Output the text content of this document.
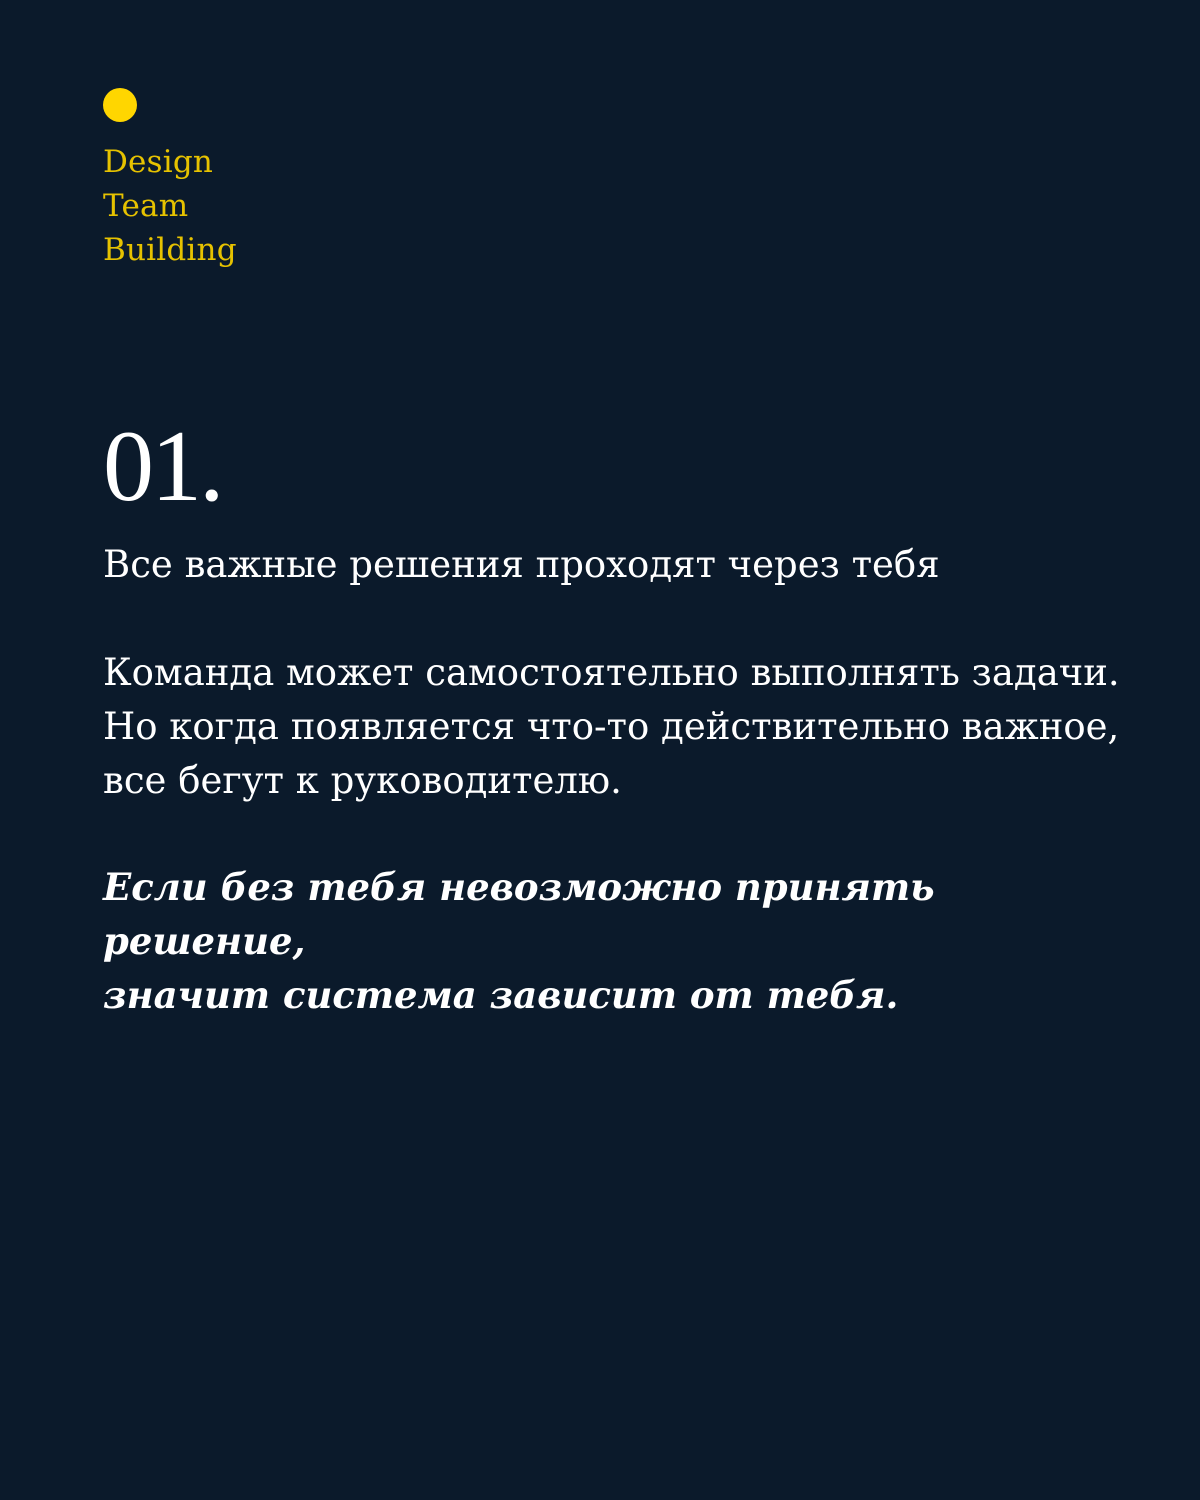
Design
Team
Building
01.
Все важные решения проходят через тебя
Команда может самостоятельно выполнять задачи.
Но когда появляется что-то действительно важное,
все бегут к руководителю.
Если без тебя невозможно принять решение,
значит система зависит от тебя.
